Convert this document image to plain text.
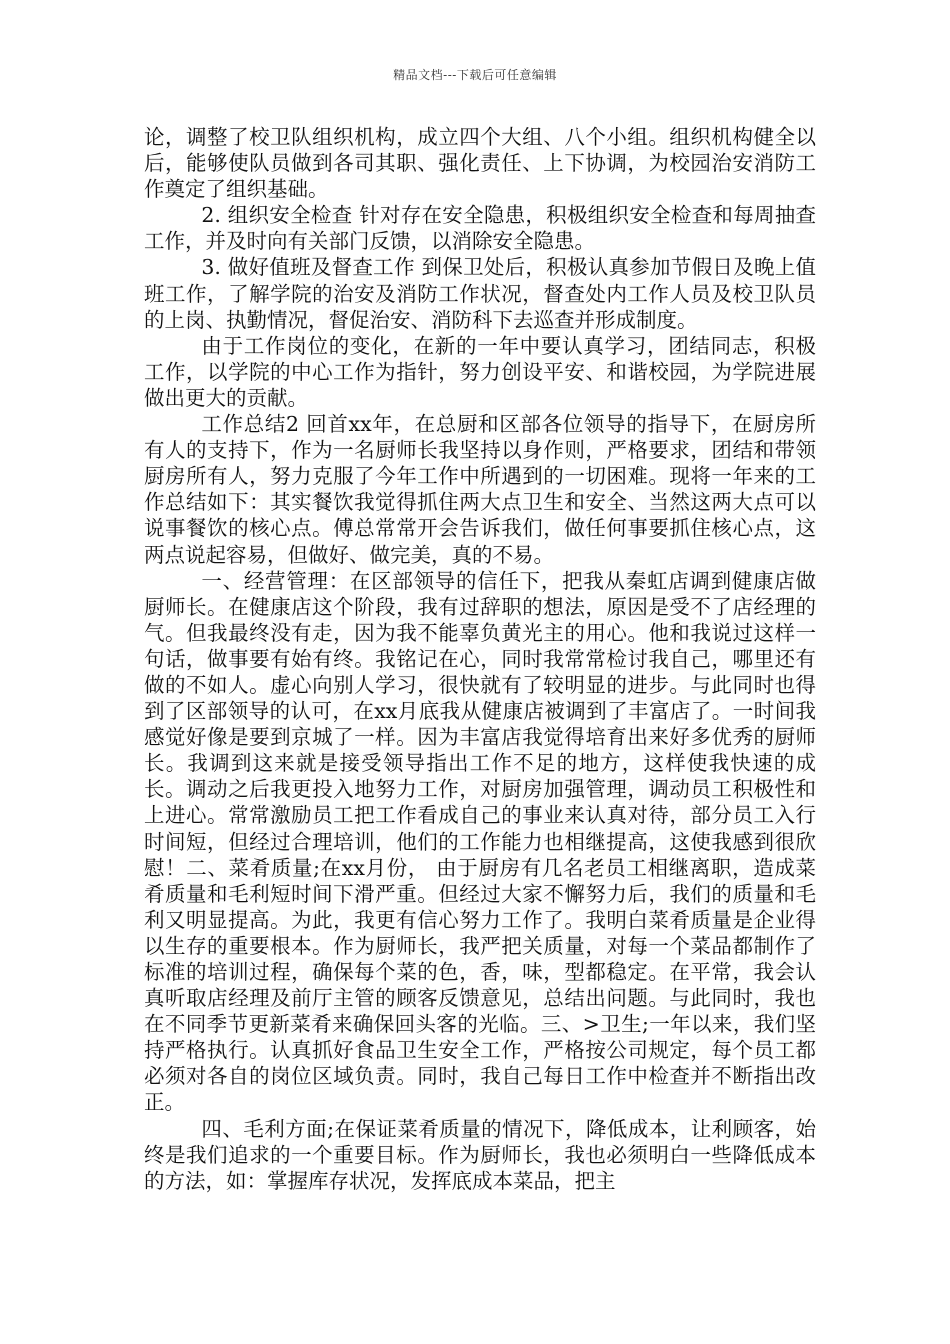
精品文档---下载后可任意编辑

论，调整了校卫队组织机构，成立四个大组、八个小组。组织机构健全以后，能够使队员做到各司其职、强化责任、上下协调，为校园治安消防工作奠定了组织基础。

2. 组织安全检查 针对存在安全隐患，积极组织安全检查和每周抽查工作，并及时向有关部门反馈，以消除安全隐患。

3. 做好值班及督查工作 到保卫处后，积极认真参加节假日及晚上值班工作，了解学院的治安及消防工作状况，督查处内工作人员及校卫队员的上岗、执勤情况，督促治安、消防科下去巡查并形成制度。

由于工作岗位的变化，在新的一年中要认真学习，团结同志，积极工作，以学院的中心工作为指针，努力创设平安、和谐校园，为学院进展做出更大的贡献。

工作总结2 回首xx年，在总厨和区部各位领导的指导下，在厨房所有人的支持下，作为一名厨师长我坚持以身作则，严格要求，团结和带领厨房所有人，努力克服了今年工作中所遇到的一切困难。现将一年来的工作总结如下：其实餐饮我觉得抓住两大点卫生和安全、当然这两大点可以说事餐饮的核心点。傅总常常开会告诉我们，做任何事要抓住核心点，这两点说起容易，但做好、做完美，真的不易。

一、经营管理：在区部领导的信任下，把我从秦虹店调到健康店做厨师长。在健康店这个阶段，我有过辞职的想法，原因是受不了店经理的气。但我最终没有走，因为我不能辜负黄光主的用心。他和我说过这样一句话，做事要有始有终。我铭记在心，同时我常常检讨我自己，哪里还有做的不如人。虚心向别人学习，很快就有了较明显的进步。与此同时也得到了区部领导的认可，在xx月底我从健康店被调到了丰富店了。一时间我感觉好像是要到京城了一样。因为丰富店我觉得培育出来好多优秀的厨师长。我调到这来就是接受领导指出工作不足的地方，这样使我快速的成长。调动之后我更投入地努力工作，对厨房加强管理，调动员工积极性和上进心。常常激励员工把工作看成自己的事业来认真对待，部分员工入行时间短，但经过合理培训，他们的工作能力也相继提高，这使我感到很欣慰！二、菜肴质量;在xx月份， 由于厨房有几名老员工相继离职，造成菜肴质量和毛利短时间下滑严重。但经过大家不懈努力后，我们的质量和毛利又明显提高。为此，我更有信心努力工作了。我明白菜肴质量是企业得以生存的重要根本。作为厨师长，我严把关质量，对每一个菜品都制作了标准的培训过程，确保每个菜的色，香，味，型都稳定。在平常，我会认真听取店经理及前厅主管的顾客反馈意见，总结出问题。与此同时，我也在不同季节更新菜肴来确保回头客的光临。三、>卫生;一年以来，我们坚持严格执行。认真抓好食品卫生安全工作，严格按公司规定，每个员工都必须对各自的岗位区域负责。同时，我自己每日工作中检查并不断指出改正。

四、毛利方面;在保证菜肴质量的情况下，降低成本，让利顾客，始终是我们追求的一个重要目标。作为厨师长，我也必须明白一些降低成本的方法，如：掌握库存状况，发挥底成本菜品，把主
